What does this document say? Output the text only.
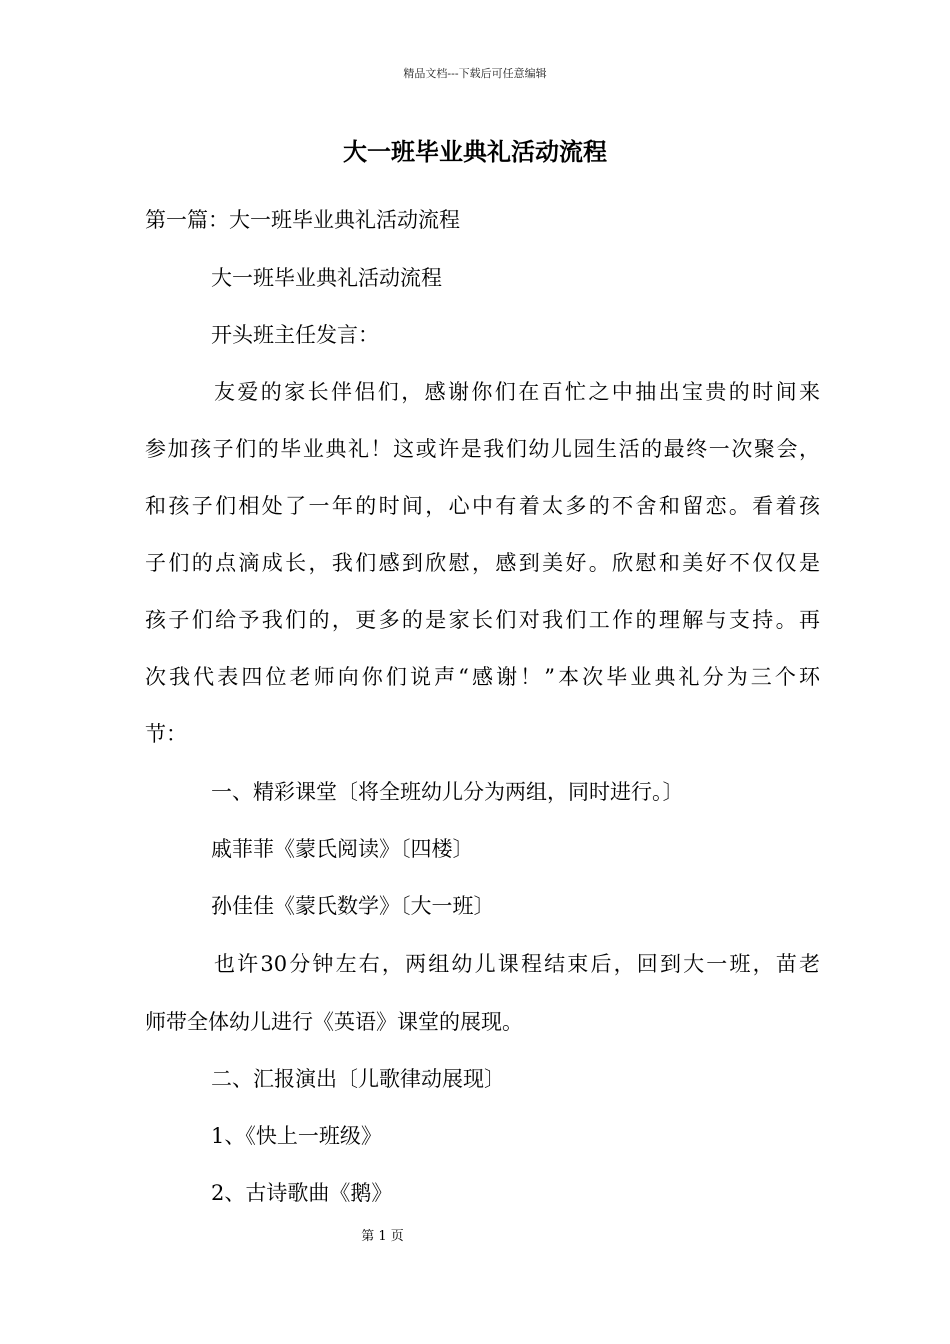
精品文档---下载后可任意编辑
大一班毕业典礼活动流程

第一篇：大一班毕业典礼活动流程

大一班毕业典礼活动流程

开头班主任发言：

友爱的家长伴侣们，感谢你们在百忙之中抽出宝贵的时间来

参加孩子们的毕业典礼！这或许是我们幼儿园生活的最终一次聚会，

和孩子们相处了一年的时间，心中有着太多的不舍和留恋。看着孩

子们的点滴成长，我们感到欣慰，感到美好。欣慰和美好不仅仅是

孩子们给予我们的，更多的是家长们对我们工作的理解与支持。再

次我代表四位老师向你们说声“感谢！”本次毕业典礼分为三个环

节：

一、精彩课堂〔将全班幼儿分为两组，同时进行。〕

戚菲菲《蒙氏阅读》〔四楼〕

孙佳佳《蒙氏数学》〔大一班〕

也许30分钟左右，两组幼儿课程结束后，回到大一班，苗老

师带全体幼儿进行《英语》课堂的展现。

二、汇报演出〔儿歌律动展现〕

1、《快上一班级》

2、古诗歌曲《鹅》

第 1 页
